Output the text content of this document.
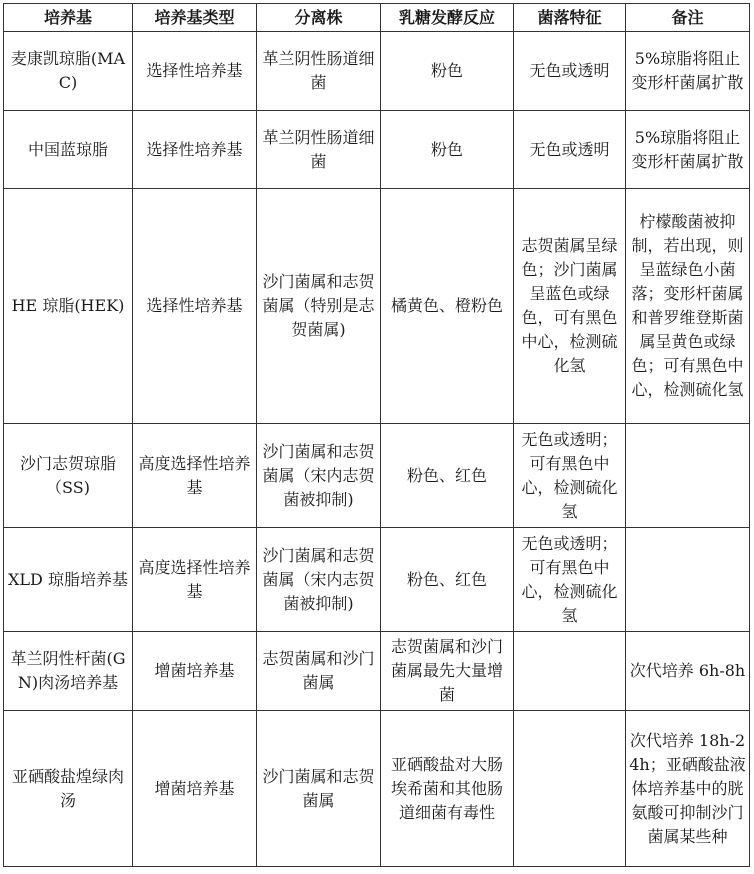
培养基	培养基类型	分离株	乳糖发酵反应	菌落特征	备注
麦康凯琼脂(MAC)	选择性培养基	革兰阴性肠道细菌	粉色	无色或透明	5%琼脂将阻止变形杆菌属扩散
中国蓝琼脂	选择性培养基	革兰阴性肠道细菌	粉色	无色或透明	5%琼脂将阻止变形杆菌属扩散
HE 琼脂(HEK)	选择性培养基	沙门菌属和志贺菌属（特别是志贺菌属)	橘黄色、橙粉色	志贺菌属呈绿色；沙门菌属呈蓝色或绿色，可有黑色中心，检测硫化氢	柠檬酸菌被抑制，若出现，则呈蓝绿色小菌落；变形杆菌属和普罗维登斯菌属呈黄色或绿色；可有黑色中心，检测硫化氢
沙门志贺琼脂（SS)	高度选择性培养基	沙门菌属和志贺菌属（宋内志贺菌被抑制)	粉色、红色	无色或透明；可有黑色中心，检测硫化氢	
XLD 琼脂培养基	高度选择性培养基	沙门菌属和志贺菌属（宋内志贺菌被抑制)	粉色、红色	无色或透明；可有黑色中心，检测硫化氢	
革兰阴性杆菌(GN)肉汤培养基	增菌培养基	志贺菌属和沙门菌属	志贺菌属和沙门菌属最先大量增菌		次代培养 6h-8h
亚硒酸盐煌绿肉汤	增菌培养基	沙门菌属和志贺菌属	亚硒酸盐对大肠埃希菌和其他肠道细菌有毒性		次代培养 18h-24h；亚硒酸盐液体培养基中的胱氨酸可抑制沙门菌属某些种
